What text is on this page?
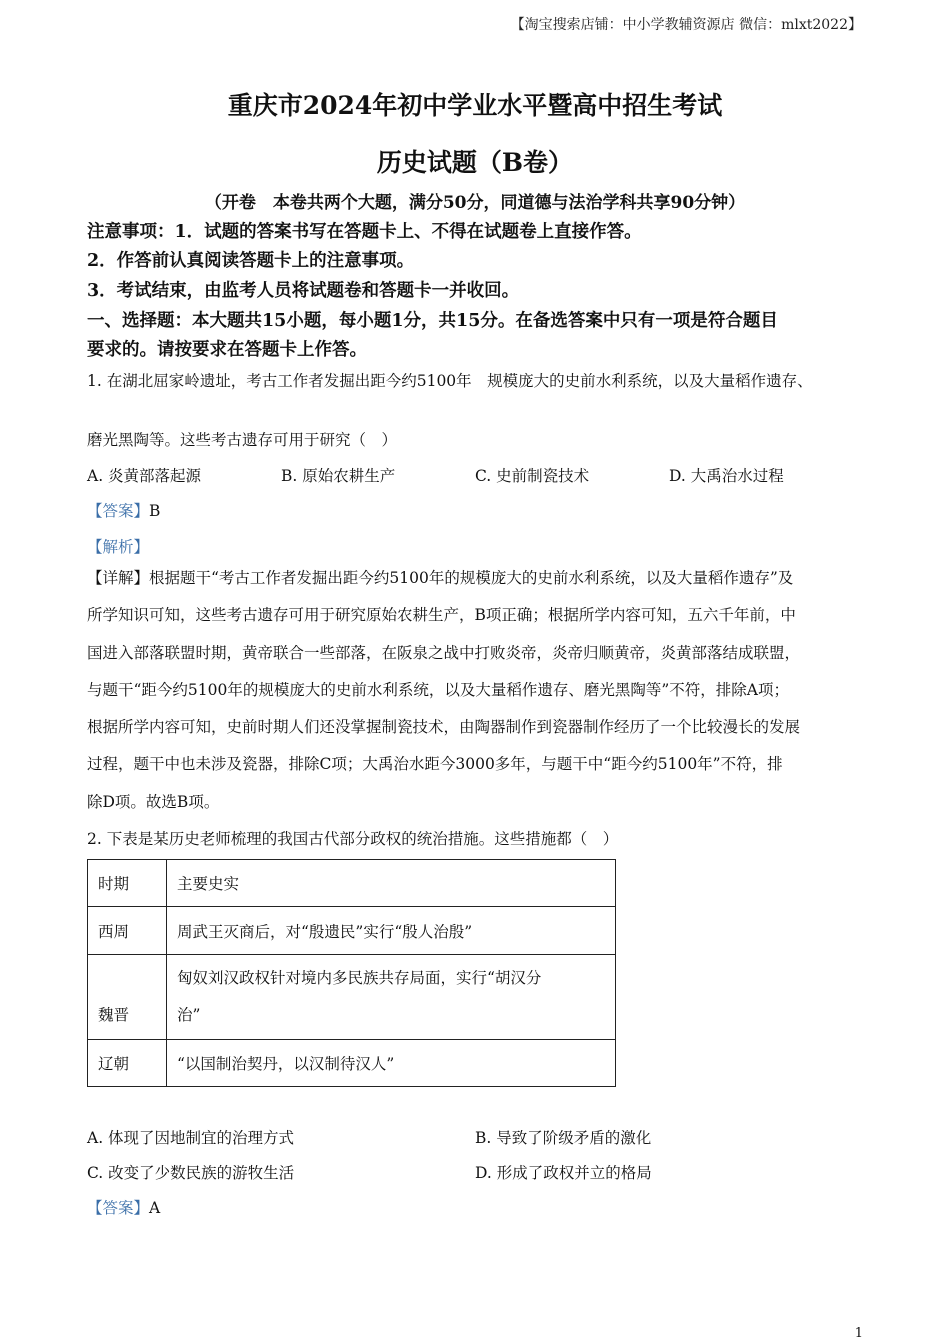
【淘宝搜索店铺：中小学教辅资源店 微信：mlxt2022】
重庆市2024年初中学业水平暨高中招生考试
历史试题（B卷）
（开卷　本卷共两个大题，满分50分，同道德与法治学科共享90分钟）
注意事项：1．试题的答案书写在答题卡上、不得在试题卷上直接作答。
2．作答前认真阅读答题卡上的注意事项。
3．考试结束，由监考人员将试题卷和答题卡一并收回。
一、选择题：本大题共15小题，每小题1分，共15分。在备选答案中只有一项是符合题目
要求的。请按要求在答题卡上作答。
1. 在湖北屈家岭遗址，考古工作者发掘出距今约5100年　规模庞大的史前水利系统，以及大量稻作遗存、
磨光黑陶等。这些考古遗存可用于研究（　）
A. 炎黄部落起源	B. 原始农耕生产	C. 史前制瓷技术	D. 大禹治水过程
【答案】B
【解析】
【详解】根据题干“考古工作者发掘出距今约5100年的规模庞大的史前水利系统，以及大量稻作遗存”及
所学知识可知，这些考古遗存可用于研究原始农耕生产，B项正确；根据所学内容可知，五六千年前，中
国进入部落联盟时期，黄帝联合一些部落，在阪泉之战中打败炎帝，炎帝归顺黄帝，炎黄部落结成联盟，
与题干“距今约5100年的规模庞大的史前水利系统，以及大量稻作遗存、磨光黑陶等”不符，排除A项；
根据所学内容可知，史前时期人们还没掌握制瓷技术，由陶器制作到瓷器制作经历了一个比较漫长的发展
过程，题干中也未涉及瓷器，排除C项；大禹治水距今3000多年，与题干中“距今约5100年”不符，排
除D项。故选B项。
2. 下表是某历史老师梳理的我国古代部分政权的统治措施。这些措施都（　）
时期	主要史实
西周	周武王灭商后，对“殷遗民”实行“殷人治殷”
魏晋	匈奴刘汉政权针对境内多民族共存局面，实行“胡汉分
治”

辽朝	“以国制治契丹，以汉制待汉人”
A. 体现了因地制宜的治理方式	B. 导致了阶级矛盾的激化
C. 改变了少数民族的游牧生活	D. 形成了政权并立的格局
【答案】A
1
